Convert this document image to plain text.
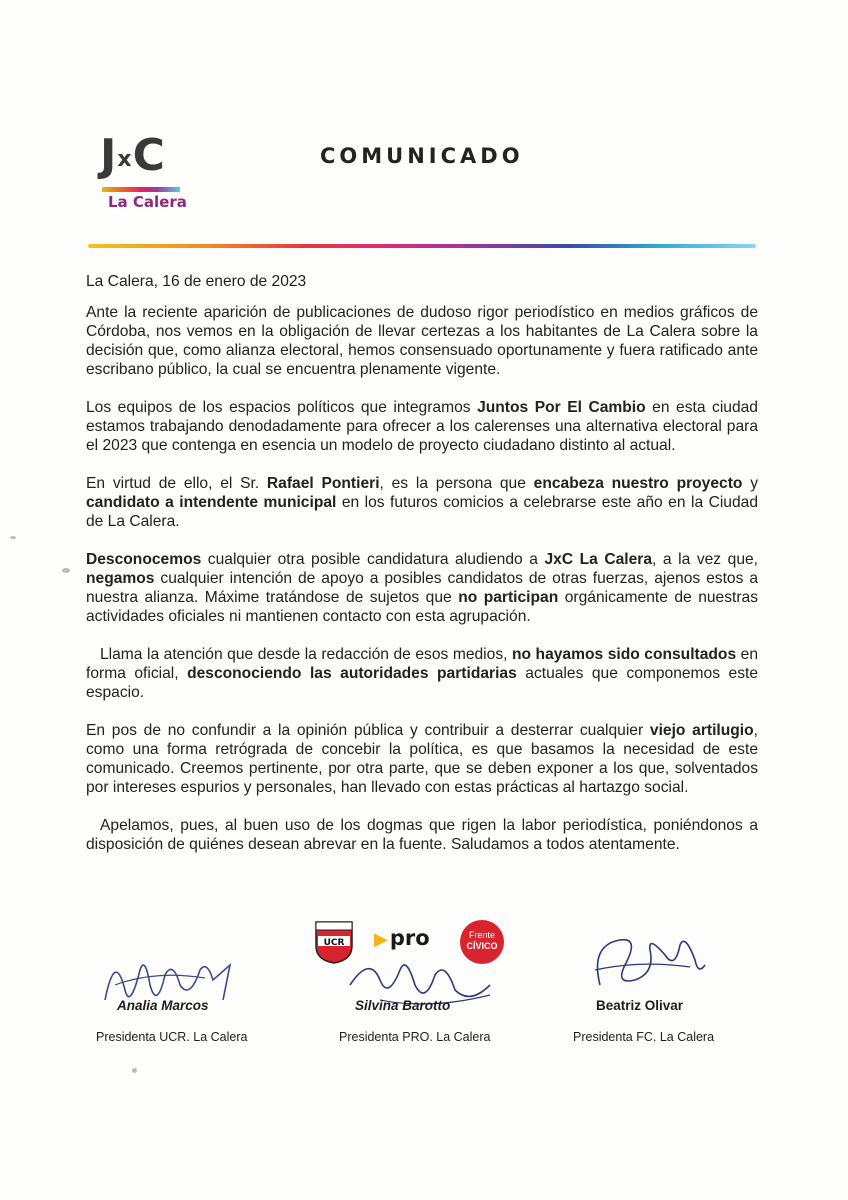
JxC
La Calera
COMUNICADO

La Calera, 16 de enero de 2023

Ante la reciente aparición de publicaciones de dudoso rigor periodístico en medios gráficos de Córdoba, nos vemos en la obligación de llevar certezas a los habitantes de La Calera sobre la decisión que, como alianza electoral, hemos consensuado oportunamente y fuera ratificado ante escribano público, la cual se encuentra plenamente vigente.

Los equipos de los espacios políticos que integramos Juntos Por El Cambio en esta ciudad estamos trabajando denodadamente para ofrecer a los calerenses una alternativa electoral para el 2023 que contenga en esencia un modelo de proyecto ciudadano distinto al actual.

En virtud de ello, el Sr. Rafael Pontieri, es la persona que encabeza nuestro proyecto y candidato a intendente municipal en los futuros comicios a celebrarse este año en la Ciudad de La Calera.

Desconocemos cualquier otra posible candidatura aludiendo a JxC La Calera, a la vez que, negamos cualquier intención de apoyo a posibles candidatos de otras fuerzas, ajenos estos a nuestra alianza. Máxime tratándose de sujetos que no participan orgánicamente de nuestras actividades oficiales ni mantienen contacto con esta agrupación.

Llama la atención que desde la redacción de esos medios, no hayamos sido consultados en forma oficial, desconociendo las autoridades partidarias actuales que componemos este espacio.

En pos de no confundir a la opinión pública y contribuir a desterrar cualquier viejo artilugio, como una forma retrógrada de concebir la política, es que basamos la necesidad de este comunicado. Creemos pertinente, por otra parte, que se deben exponer a los que, solventados por intereses espurios y personales, han llevado con estas prácticas al hartazgo social.

Apelamos, pues, al buen uso de los dogmas que rigen la labor periodística, poniéndonos a disposición de quiénes desean abrevar en la fuente. Saludamos a todos atentamente.

UCR ▶pro	Frente
CÍVICO
Analia Marcos
Presidenta UCR. La Calera
Silvina Barotto
Presidenta PRO. La Calera
Beatriz Olivar
Presidenta FC. La Calera
